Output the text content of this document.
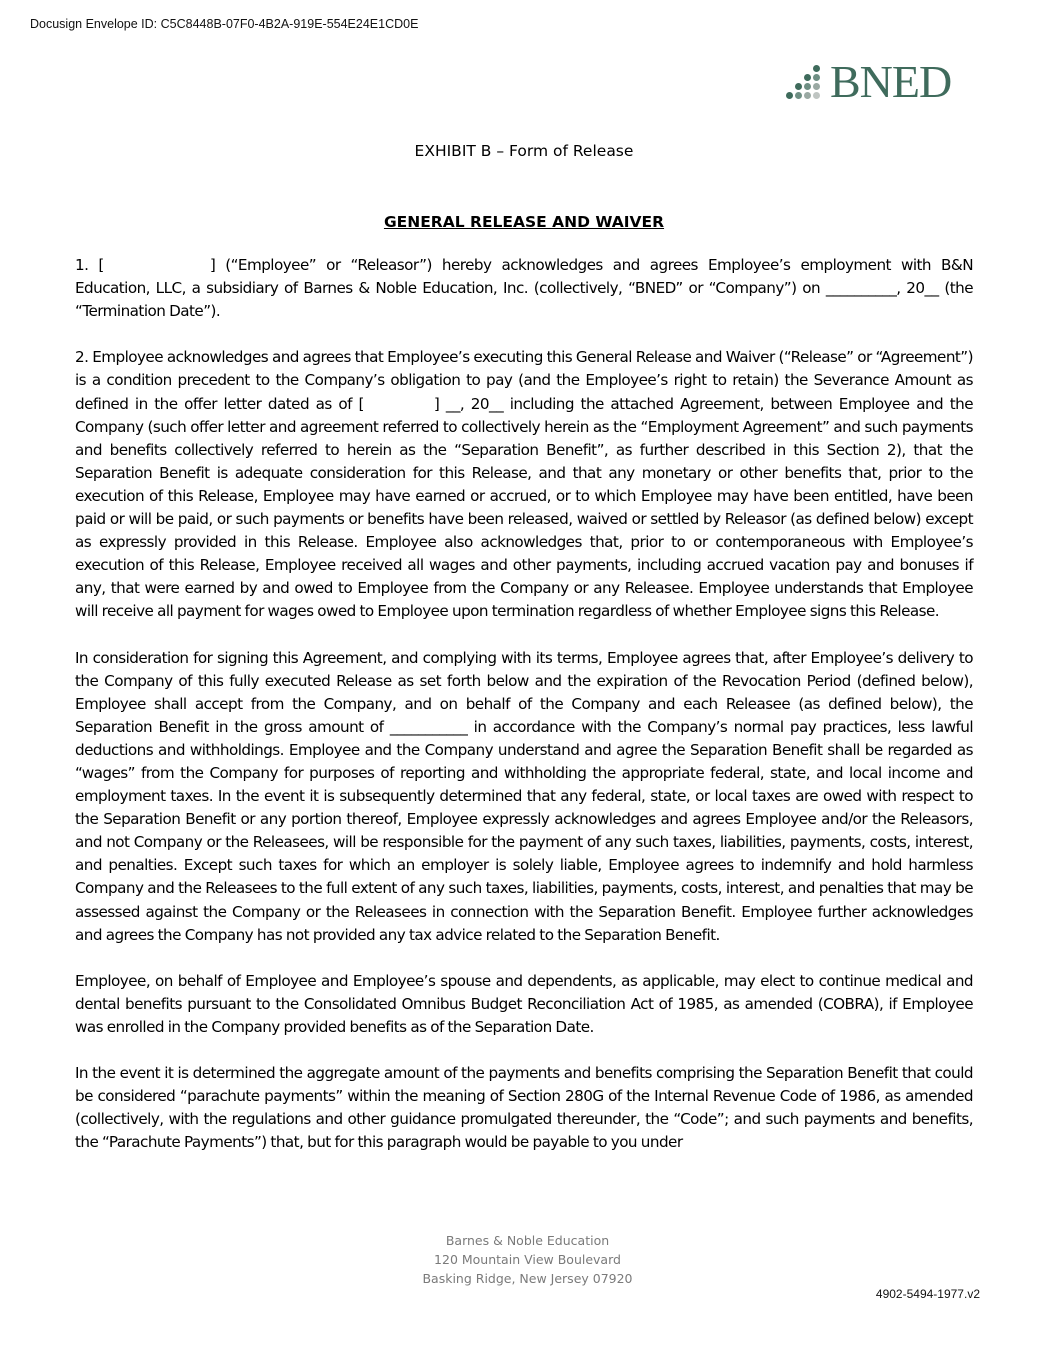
Docusign Envelope ID: C5C8448B-07F0-4B2A-919E-554E24E1CD0E
BNED

EXHIBIT B – Form of Release

GENERAL RELEASE AND WAIVER

1. [	] (“Employee” or “Releasor”) hereby acknowledges and agrees Employee’s employment with B&N Education, LLC, a subsidiary of Barnes & Noble Education, Inc. (collectively, “BNED” or “Company”) on __________, 20__ (the “Termination Date”).

2. Employee acknowledges and agrees that Employee’s executing this General Release and Waiver (“Release” or “Agreement”) is a condition precedent to the Company’s obligation to pay (and the Employee’s right to retain) the Severance Amount as defined in the offer letter dated as of [	] __, 20__ including the attached Agreement, between Employee and the Company (such offer letter and agreement referred to collectively herein as the “Employment Agreement” and such payments and benefits collectively referred to herein as the “Separation Benefit”, as further described in this Section 2), that the Separation Benefit is adequate consideration for this Release, and that any monetary or other benefits that, prior to the execution of this Release, Employee may have earned or accrued, or to which Employee may have been entitled, have been paid or will be paid, or such payments or benefits have been released, waived or settled by Releasor (as defined below) except as expressly provided in this Release. Employee also acknowledges that, prior to or contemporaneous with Employee’s execution of this Release, Employee received all wages and other payments, including accrued vacation pay and bonuses if any, that were earned by and owed to Employee from the Company or any Releasee. Employee understands that Employee will receive all payment for wages owed to Employee upon termination regardless of whether Employee signs this Release.

In consideration for signing this Agreement, and complying with its terms, Employee agrees that, after Employee’s delivery to the Company of this fully executed Release as set forth below and the expiration of the Revocation Period (defined below), Employee shall accept from the Company, and on behalf of the Company and each Releasee (as defined below), the Separation Benefit in the gross amount of ___________ in accordance with the Company’s normal pay practices, less lawful deductions and withholdings. Employee and the Company understand and agree the Separation Benefit shall be regarded as “wages” from the Company for purposes of reporting and withholding the appropriate federal, state, and local income and employment taxes. In the event it is subsequently determined that any federal, state, or local taxes are owed with respect to the Separation Benefit or any portion thereof, Employee expressly acknowledges and agrees Employee and/or the Releasors, and not Company or the Releasees, will be responsible for the payment of any such taxes, liabilities, payments, costs, interest, and penalties. Except such taxes for which an employer is solely liable, Employee agrees to indemnify and hold harmless Company and the Releasees to the full extent of any such taxes, liabilities, payments, costs, interest, and penalties that may be assessed against the Company or the Releasees in connection with the Separation Benefit. Employee further acknowledges and agrees the Company has not provided any tax advice related to the Separation Benefit.

Employee, on behalf of Employee and Employee’s spouse and dependents, as applicable, may elect to continue medical and dental benefits pursuant to the Consolidated Omnibus Budget Reconciliation Act of 1985, as amended (COBRA), if Employee was enrolled in the Company provided benefits as of the Separation Date.

In the event it is determined the aggregate amount of the payments and benefits comprising the Separation Benefit that could be considered “parachute payments” within the meaning of Section 280G of the Internal Revenue Code of 1986, as amended (collectively, with the regulations and other guidance promulgated thereunder, the “Code”; and such payments and benefits, the “Parachute Payments”) that, but for this paragraph would be payable to you under

Barnes & Noble Education
120 Mountain View Boulevard
Basking Ridge, New Jersey 07920
4902-5494-1977.v2
